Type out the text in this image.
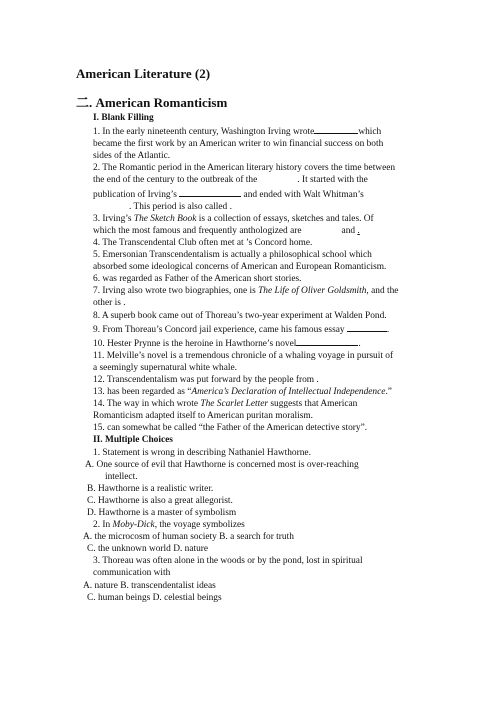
American Literature (2)
二. American Romanticism

I. Blank Filling

1. In the early nineteenth century, Washington Irving wrote	which

became the first work by an American writer to win financial success on both

sides of the Atlantic.

2. The Romantic period in the American literary history covers the time between

the end of the century to the outbreak of the	. It started with the

publication of Irving’s	and ended with Walt Whitman’s

. This period is also called .

3. Irving’s The Sketch Book is a collection of essays, sketches and tales. Of

which the most famous and frequently anthologized are	and .

4. The Transcendental Club often met at ’s Concord home.

5. Emersonian Transcendentalism is actually a philosophical school which

absorbed some ideological concerns of American and European Romanticism.

6. was regarded as Father of the American short stories.

7. Irving also wrote two biographies, one is The Life of Oliver Goldsmith, and the

other is .

8. A superb book came out of Thoreau’s two-year experiment at Walden Pond.

9. From Thoreau’s Concord jail experience, came his famous essay	.

10. Hester Prynne is the heroine in Hawthorne’s novel	.

11. Melville’s novel is a tremendous chronicle of a whaling voyage in pursuit of

a seemingly supernatural white whale.

12. Transcendentalism was put forward by the people from .

13. has been regarded as “America’s Declaration of Intellectual Independence.”

14. The way in which wrote The Scarlet Letter suggests that American

Romanticism adapted itself to American puritan moralism.

15. can somewhat be called “the Father of the American detective story”.

II. Multiple Choices

1. Statement is wrong in describing Nathaniel Hawthorne.

A. One source of evil that Hawthorne is concerned most is over-reaching

intellect.

B. Hawthorne is a realistic writer.

C. Hawthorne is also a great allegorist.

D. Hawthorne is a master of symbolism

2. In Moby-Dick, the voyage symbolizes

A. the microcosm of human society B. a search for truth

C. the unknown world D. nature

3. Thoreau was often alone in the woods or by the pond, lost in spiritual

communication with

A. nature B. transcendentalist ideas

C. human beings D. celestial beings
